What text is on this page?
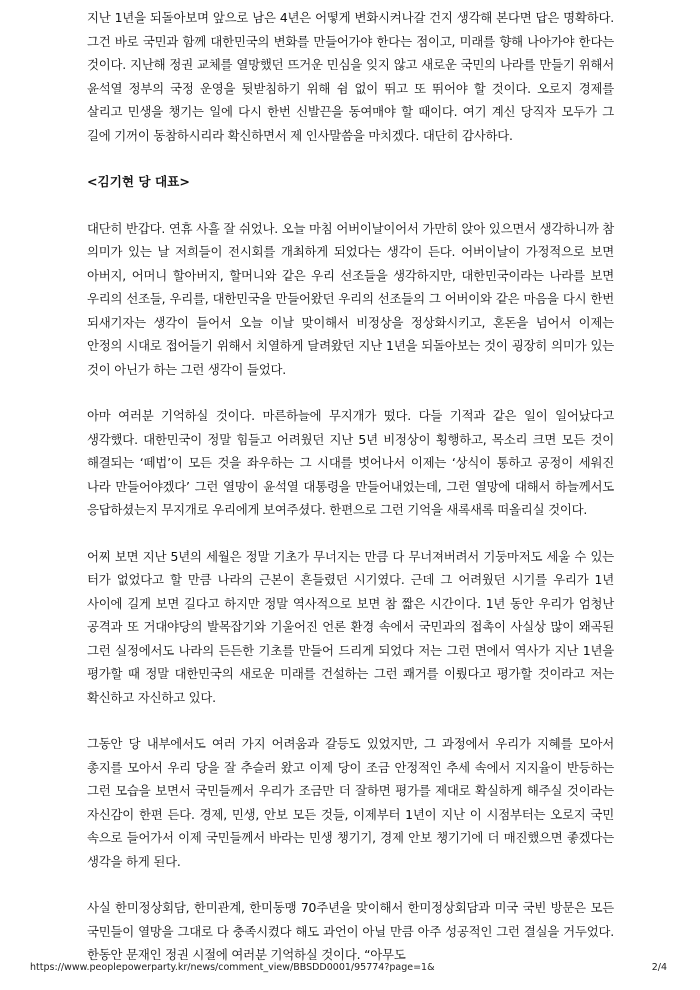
지난 1년을 되돌아보며 앞으로 남은 4년은 어떻게 변화시켜나갈 건지 생각해 본다면 답은 명확하다. 그건 바로 국민과 함께 대한민국의 변화를 만들어가야 한다는 점이고, 미래를 향해 나아가야 한다는 것이다. 지난해 정권 교체를 열망했던 뜨거운 민심을 잊지 않고 새로운 국민의 나라를 만들기 위해서 윤석열 정부의 국정 운영을 뒷받침하기 위해 쉼 없이 뛰고 또 뛰어야 할 것이다. 오로지 경제를 살리고 민생을 챙기는 일에 다시 한번 신발끈을 동여매야 할 때이다. 여기 계신 당직자 모두가 그 길에 기꺼이 동참하시리라 확신하면서 제 인사말씀을 마치겠다. 대단히 감사하다.

<김기현 당 대표>

대단히 반갑다. 연휴 사흘 잘 쉬었나. 오늘 마침 어버이날이어서 가만히 앉아 있으면서 생각하니까 참 의미가 있는 날 저희들이 전시회를 개최하게 되었다는 생각이 든다. 어버이날이 가정적으로 보면 아버지, 어머니 할아버지, 할머니와 같은 우리 선조들을 생각하지만, 대한민국이라는 나라를 보면 우리의 선조들, 우리를, 대한민국을 만들어왔던 우리의 선조들의 그 어버이와 같은 마음을 다시 한번 되새기자는 생각이 들어서 오늘 이날 맞이해서 비정상을 정상화시키고, 혼돈을 넘어서 이제는 안정의 시대로 접어들기 위해서 치열하게 달려왔던 지난 1년을 되돌아보는 것이 굉장히 의미가 있는 것이 아닌가 하는 그런 생각이 들었다.

아마 여러분 기억하실 것이다. 마른하늘에 무지개가 떴다. 다들 기적과 같은 일이 일어났다고 생각했다. 대한민국이 정말 힘들고 어려웠던 지난 5년 비정상이 횡행하고, 목소리 크면 모든 것이 해결되는 ‘떼법’이 모든 것을 좌우하는 그 시대를 벗어나서 이제는 ‘상식이 통하고 공정이 세워진 나라 만들어야겠다’ 그런 열망이 윤석열 대통령을 만들어내었는데, 그런 열망에 대해서 하늘께서도 응답하셨는지 무지개로 우리에게 보여주셨다. 한편으로 그런 기억을 새록새록 떠올리실 것이다.

어찌 보면 지난 5년의 세월은 정말 기초가 무너지는 만큼 다 무너져버려서 기둥마저도 세울 수 있는 터가 없었다고 할 만큼 나라의 근본이 흔들렸던 시기였다. 근데 그 어려웠던 시기를 우리가 1년 사이에 길게 보면 길다고 하지만 정말 역사적으로 보면 참 짧은 시간이다. 1년 동안 우리가 엄청난 공격과 또 거대야당의 발목잡기와 기울어진 언론 환경 속에서 국민과의 접촉이 사실상 많이 왜곡된 그런 실정에서도 나라의 든든한 기초를 만들어 드리게 되었다 저는 그런 면에서 역사가 지난 1년을 평가할 때 정말 대한민국의 새로운 미래를 건설하는 그런 쾌거를 이뤘다고 평가할 것이라고 저는 확신하고 자신하고 있다.

그동안 당 내부에서도 여러 가지 어려움과 갈등도 있었지만, 그 과정에서 우리가 지혜를 모아서 총지를 모아서 우리 당을 잘 추슬러 왔고 이제 당이 조금 안정적인 추세 속에서 지지율이 반등하는 그런 모습을 보면서 국민들께서 우리가 조금만 더 잘하면 평가를 제대로 확실하게 해주실 것이라는 자신감이 한편 든다. 경제, 민생, 안보 모든 것들, 이제부터 1년이 지난 이 시점부터는 오로지 국민 속으로 들어가서 이제 국민들께서 바라는 민생 챙기기, 경제 안보 챙기기에 더 매진했으면 좋겠다는 생각을 하게 된다.

사실 한미정상회담, 한미관계, 한미동맹 70주년을 맞이해서 한미정상회담과 미국 국빈 방문은 모든 국민들이 열망을 그대로 다 충족시켰다 해도 과언이 아닐 만큼 아주 성공적인 그런 결실을 거두었다. 한동안 문재인 정권 시절에 여러분 기억하실 것이다. “아무도

https://www.peoplepowerparty.kr/news/comment_view/BBSDD0001/95774?page=1&	2/4
